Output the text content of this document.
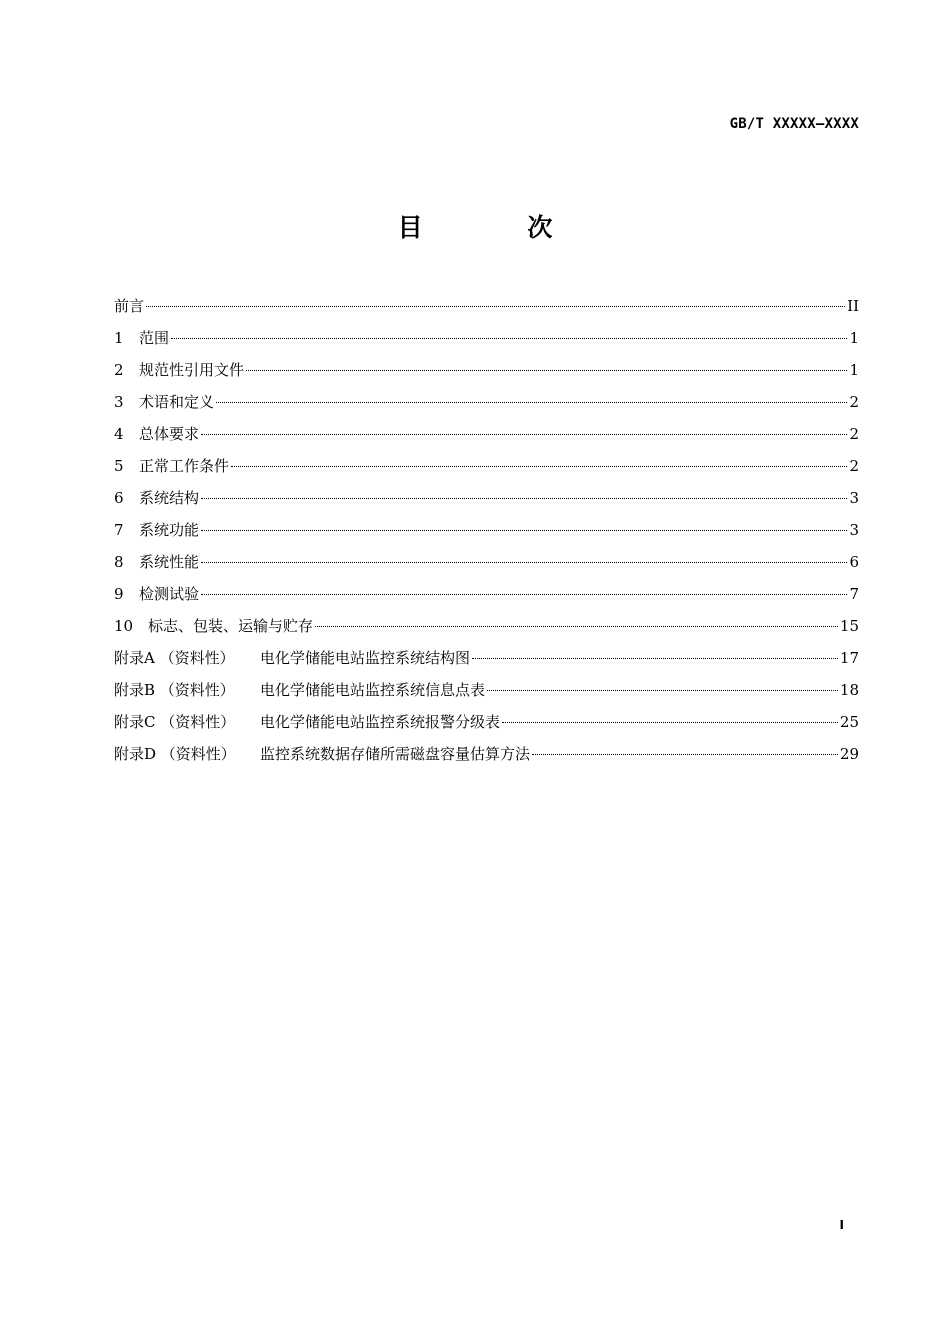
GB/T XXXXX—XXXX
目 次
前言	II
1	范围	1
2	规范性引用文件	1
3	术语和定义	2
4	总体要求	2
5	正常工作条件	2
6	系统结构	3
7	系统功能	3
8	系统性能	6
9	检测试验	7
10 标志、包装、运输与贮存	15
附录A （资料性）	电化学储能电站监控系统结构图	17
附录B （资料性）	电化学储能电站监控系统信息点表	18
附录C （资料性）	电化学储能电站监控系统报警分级表	25
附录D （资料性）	监控系统数据存储所需磁盘容量估算方法	29
I
